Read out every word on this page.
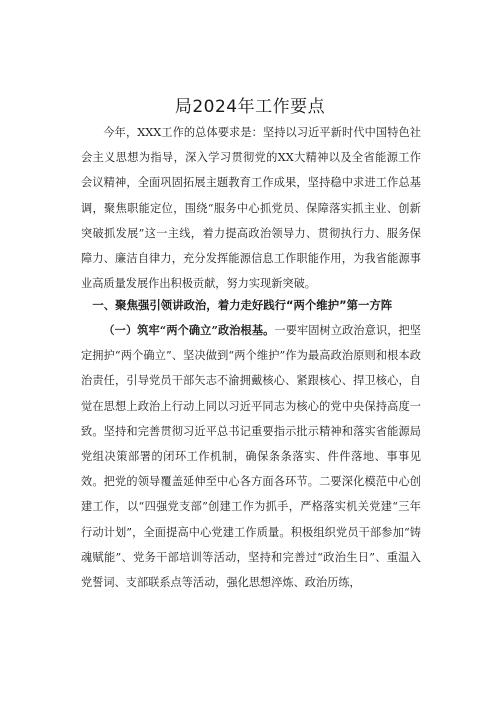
局2024年工作要点

今年，XXX工作的总体要求是：坚持以习近平新时代中国特色社会主义思想为指导，深入学习贯彻党的XX大精神以及全省能源工作会议精神，全面巩固拓展主题教育工作成果，坚持稳中求进工作总基调，聚焦职能定位，围绕“服务中心抓党员、保障落实抓主业、创新突破抓发展”这一主线，着力提高政治领导力、贯彻执行力、服务保障力、廉洁自律力，充分发挥能源信息工作职能作用，为我省能源事业高质量发展作出积极贡献，努力实现新突破。

一、聚焦强引领讲政治，着力走好践行“两个维护”第一方阵

（一）筑牢“两个确立”政治根基。一要牢固树立政治意识，把坚定拥护“两个确立”、坚决做到“两个维护”作为最高政治原则和根本政治责任，引导党员干部矢志不渝拥戴核心、紧跟核心、捍卫核心，自觉在思想上政治上行动上同以习近平同志为核心的党中央保持高度一致。坚持和完善贯彻习近平总书记重要指示批示精神和落实省能源局党组决策部署的闭环工作机制，确保条条落实、件件落地、事事见效。把党的领导覆盖延伸至中心各方面各环节。二要深化模范中心创建工作，以“四强党支部”创建工作为抓手，严格落实机关党建“三年行动计划”，全面提高中心党建工作质量。积极组织党员干部参加“铸魂赋能”、党务干部培训等活动，坚持和完善过“政治生日”、重温入党誓词、支部联系点等活动，强化思想淬炼、政治历练，
